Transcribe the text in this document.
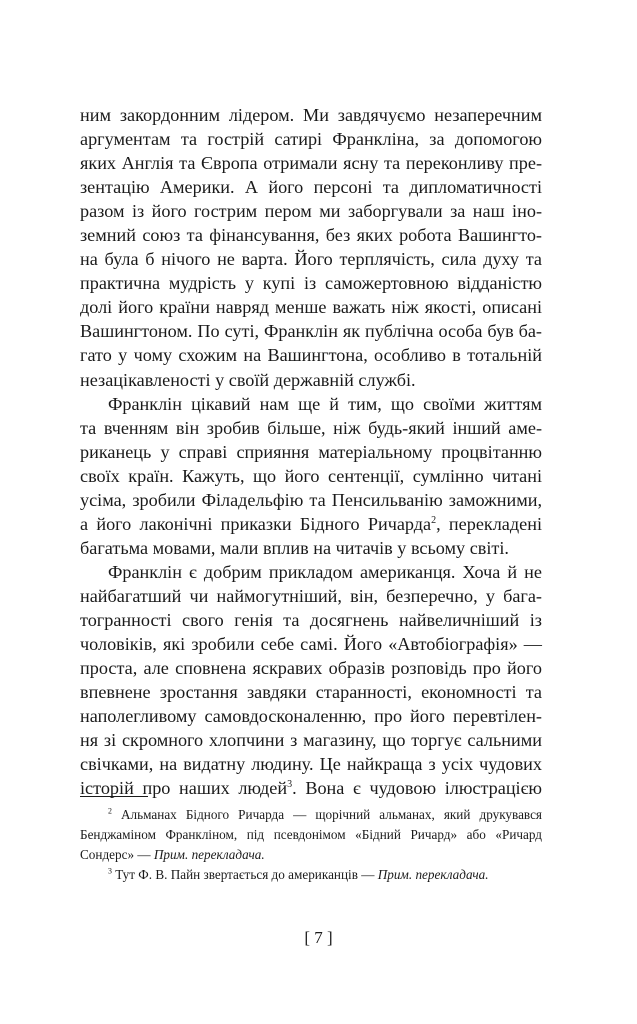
ним закордонним лідером. Ми завдячуємо незаперечним
аргументам та гострій сатирі Франкліна, за допомогою
яких Англія та Європа отримали ясну та переконливу пре-
зентацію Америки. А його персоні та дипломатичності
разом із його гострим пером ми заборгували за наш іно-
земний союз та фінансування, без яких робота Вашингто-
на була б нічого не варта. Його терплячість, сила духу та
практична мудрість у купі із саможертовною відданістю
долі його країни навряд менше важать ніж якості, описані
Вашингтоном. По суті, Франклін як публічна особа був ба-
гато у чому схожим на Вашингтона, особливо в тотальній
незацікавленості у своїй державній службі.
Франклін цікавий нам ще й тим, що своїми життям
та вченням він зробив більше, ніж будь-який інший аме-
риканець у справі сприяння матеріальному процвітанню
своїх країн. Кажуть, що його сентенції, сумлінно читані
усіма, зробили Філадельфію та Пенсильванію заможними,
а його лаконічні приказки Бідного Ричарда$^2$, перекладені
багатьма мовами, мали вплив на читачів у всьому світі.
Франклін є добрим прикладом американця. Хоча й не
найбагатший чи наймогутніший, він, безперечно, у бага-
тогранності свого генія та досягнень найвеличніший із
чоловіків, які зробили себе самі. Його «Автобіографія» —
проста, але сповнена яскравих образів розповідь про його
впевнене зростання завдяки старанності, економності та
наполегливому самовдосконаленню, про його перевтілен-
ня зі скромного хлопчини з магазину, що торгує сальними
свічками, на видатну людину. Це найкраща з усіх чудових
історій про наших людей$^3$. Вона є чудовою ілюстрацією
$^2$ Альманах Бідного Ричарда — щорічний альманах, який друкувався
Бенджаміном Франкліном, під псевдонімом «Бідний Ричард» або «Ричард
Сондерс» — Прим. перекладача.
$^3$ Тут Ф. В. Пайн звертається до американців — Прим. перекладача.
[ 7 ]
